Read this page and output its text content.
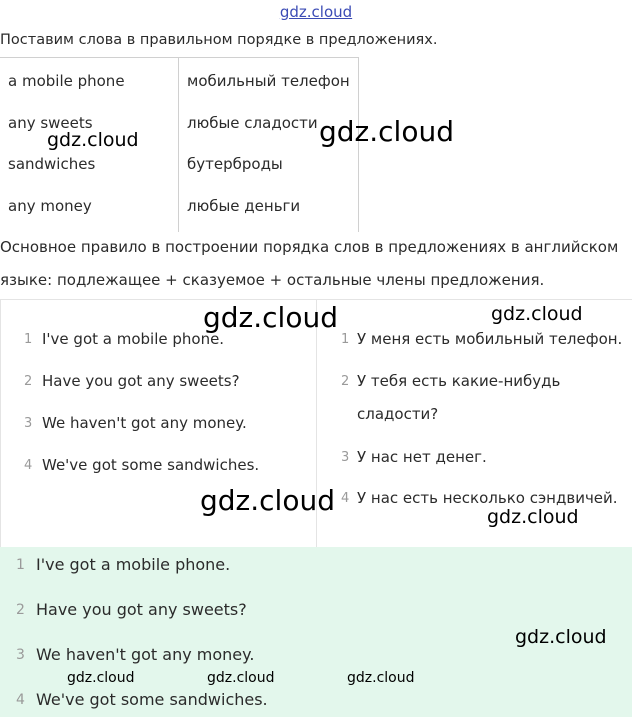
gdz.cloud
Поставим слова в правильном порядке в предложениях.
a mobile phone	мобильный телефон
any sweets	любые сладости
sandwiches	бутерброды
any money	любые деньги
Основное правило в построении порядка слов в предложениях в английском
языке: подлежащее + сказуемое + остальные члены предложения.
1 I've got a mobile phone.
2 Have you got any sweets?
3 We haven't got any money.
4 We've got some sandwiches.
1 У меня есть мобильный телефон.
2 У тебя есть какие-нибудь
сладости?
3 У нас нет денег.
4 У нас есть несколько сэндвичей.
1 I've got a mobile phone.
2 Have you got any sweets?
3 We haven't got any money.
4 We've got some sandwiches.
gdz.cloud	gdz.cloud
gdz.cloud	gdz.cloud
gdz.cloud	gdz.cloud
gdz.cloud
gdz.cloud	gdz.cloud	gdz.cloud
